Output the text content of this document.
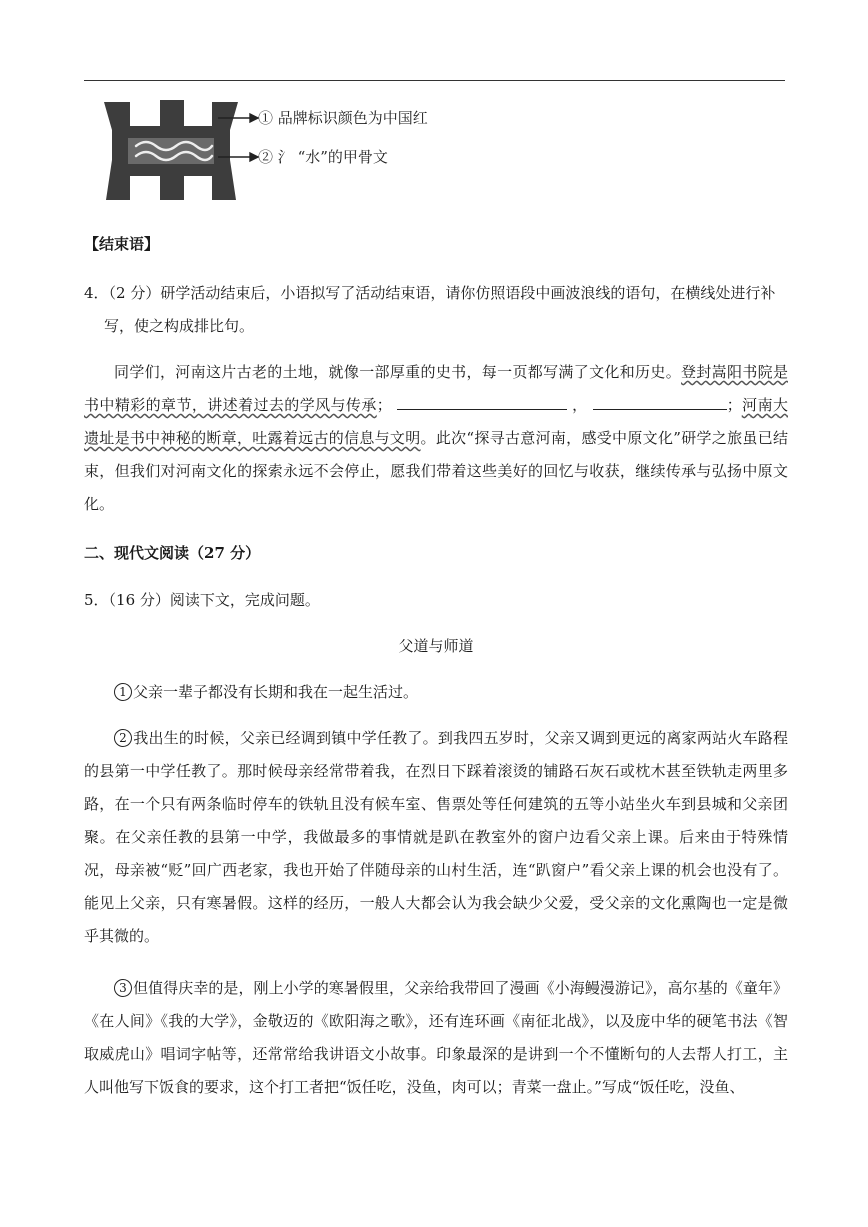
① 品牌标识颜色为中国红
② 氵 “水”的甲骨文
【结束语】
4．（2 分）研学活动结束后，小语拟写了活动结束语，请你仿照语段中画波浪线的语句，在横线处进行补
写，使之构成排比句。

同学们，河南这片古老的土地，就像一部厚重的史书，每一页都写满了文化和历史。登封嵩阳书院是书中精彩的章节，讲述着过去的学风与传承；	，	；河南大遗址是书中神秘的断章，吐露着远古的信息与文明。此次“探寻古意河南，感受中原文化”研学之旅虽已结束，但我们对河南文化的探索永远不会停止，愿我们带着这些美好的回忆与收获，继续传承与弘扬中原文化。

二、现代文阅读（27 分）
5．（16 分）阅读下文，完成问题。
父道与师道

1 父亲一辈子都没有长期和我在一起生活过。

2 我出生的时候，父亲已经调到镇中学任教了。到我四五岁时，父亲又调到更远的离家两站火车路程的县第一中学任教了。那时候母亲经常带着我，在烈日下踩着滚烫的铺路石灰石或枕木甚至铁轨走两里多路，在一个只有两条临时停车的铁轨且没有候车室、售票处等任何建筑的五等小站坐火车到县城和父亲团聚。在父亲任教的县第一中学，我做最多的事情就是趴在教室外的窗户边看父亲上课。后来由于特殊情况，母亲被“贬”回广西老家，我也开始了伴随母亲的山村生活，连“趴窗户”看父亲上课的机会也没有了。能见上父亲，只有寒暑假。这样的经历，一般人大都会认为我会缺少父爱，受父亲的文化熏陶也一定是微乎其微的。

3 但值得庆幸的是，刚上小学的寒暑假里，父亲给我带回了漫画《小海鳗漫游记》，高尔基的《童年》《在人间》《我的大学》，金敬迈的《欧阳海之歌》，还有连环画《南征北战》，以及庞中华的硬笔书法《智取威虎山》唱词字帖等，还常常给我讲语文小故事。印象最深的是讲到一个不懂断句的人去帮人打工，主人叫他写下饭食的要求，这个打工者把“饭任吃，没鱼，肉可以；青菜一盘止。”写成“饭任吃，没鱼、
